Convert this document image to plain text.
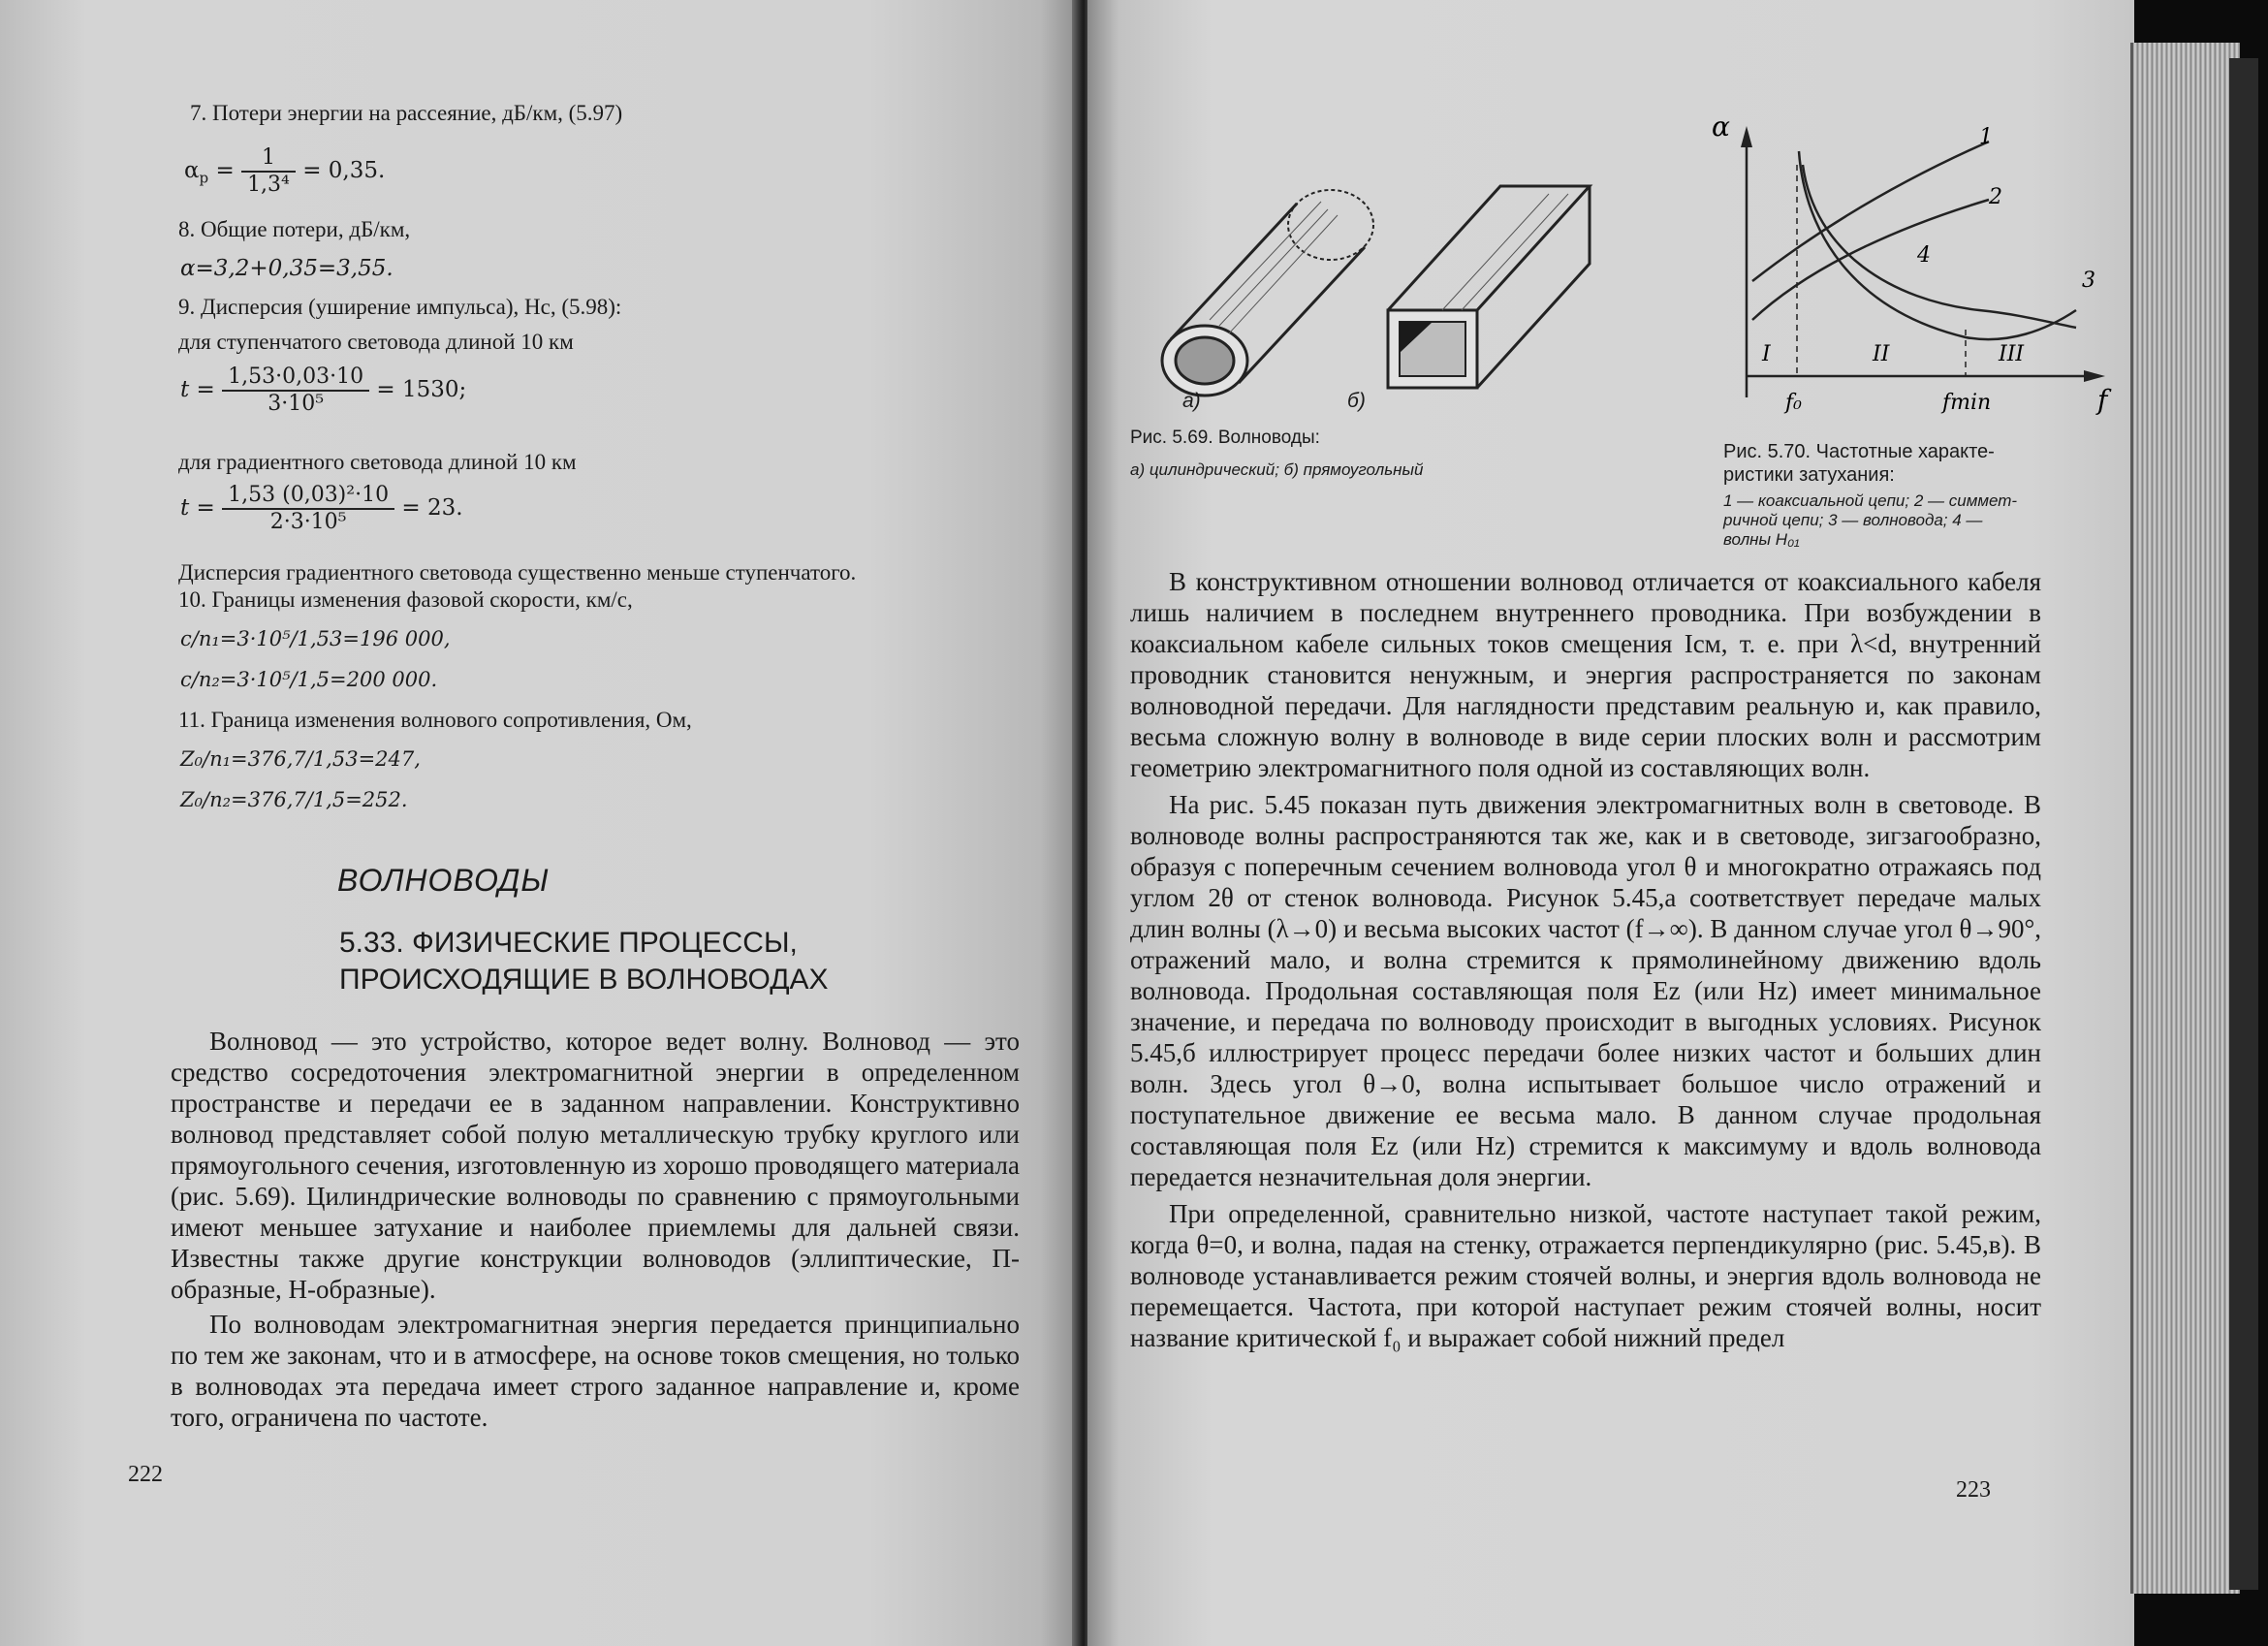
7. Потери энергии на рассеяние, дБ/км, (5.97)
$\alpha_р = \frac{1}{\text{1,3⁴}} = 0,35$.
8. Общие потери, дБ/км,
α=3,2+0,35=3,55.
9. Дисперсия (уширение импульса), Нс, (5.98):
для ступенчатого световода длиной 10 км
$t = \frac{1,53\cdot 0,03\cdot 10}{\text{3·10⁵}} = 1530$;
для градиентного световода длиной 10 км
$t = \frac{\text{1,53 (0,03)²·10}}{\text{2·3·10⁵}} = 23$.
Дисперсия градиентного световода существенно меньше ступенчатого.
10. Границы изменения фазовой скорости, км/с,
c/n₁=3·10⁵/1,53=196 000,
c/n₂=3·10⁵/1,5=200 000.
11. Граница изменения волнового сопротивления, Ом,
Z₀/n₁=376,7/1,53=247,
Z₀/n₂=376,7/1,5=252.
ВОЛНОВОДЫ
5.33. ФИЗИЧЕСКИЕ ПРОЦЕССЫ,
ПРОИСХОДЯЩИЕ В ВОЛНОВОДАХ

Волновод — это устройство, которое ведет волну. Волновод — это средство сосредоточения электромагнитной энергии в определенном пространстве и передачи ее в заданном направлении. Конструктивно волновод представляет собой полую металлическую трубку круглого или прямоугольного сечения, изготовленную из хорошо проводящего материала (рис. 5.69). Цилиндрические волноводы по сравнению с прямоугольными имеют меньшее затухание и наиболее приемлемы для дальней связи. Известны также другие конструкции волноводов (эллиптические, П-образные, Н-образные).

По волноводам электромагнитная энергия передается принципиально по тем же законам, что и в атмосфере, на основе токов смещения, но только в волноводах эта передача имеет строго заданное направление и, кроме того, ограничена по частоте.

222
а)	б)
Рис. 5.69. Волноводы:
а) цилиндрический; б) прямоугольный
α
f
f₀	fmin
I	II	III
1
2
3
4
Рис. 5.70. Частотные характе-
ристики затухания:
1 — коаксиальной цепи; 2 — симмет-
ричной цепи; 3 — волновода; 4 —
волны H₀₁

В конструктивном отношении волновод отличается от коаксиального кабеля лишь наличием в последнем внутреннего проводника. При возбуждении в коаксиальном кабеле сильных токов смещения Iсм, т. е. при λ<d, внутренний проводник становится ненужным, и энергия распространяется по законам волноводной передачи. Для наглядности представим реальную и, как правило, весьма сложную волну в волноводе в виде серии плоских волн и рассмотрим геометрию электромагнитного поля одной из составляющих волн.

На рис. 5.45 показан путь движения электромагнитных волн в световоде. В волноводе волны распространяются так же, как и в световоде, зигзагообразно, образуя с поперечным сечением волновода угол θ и многократно отражаясь под углом 2θ от стенок волновода. Рисунок 5.45,а соответствует передаче малых длин волны (λ→0) и весьма высоких частот (f→∞). В данном случае угол θ→90°, отражений мало, и волна стремится к прямолинейному движению вдоль волновода. Продольная составляющая поля Ez (или Hz) имеет минимальное значение, и передача по волноводу происходит в выгодных условиях. Рисунок 5.45,б иллюстрирует процесс передачи более низких частот и больших длин волн. Здесь угол θ→0, волна испытывает большое число отражений и поступательное движение ее весьма мало. В данном случае продольная составляющая поля Ez (или Hz) стремится к максимуму и вдоль волновода передается незначительная доля энергии.

При определенной, сравнительно низкой, частоте наступает такой режим, когда θ=0, и волна, падая на стенку, отражается перпендикулярно (рис. 5.45,в). В волноводе устанавливается режим стоячей волны, и энергия вдоль волновода не перемещается. Частота, при которой наступает режим стоячей волны, носит название критической f₀ и выражает собой нижний предел

223
